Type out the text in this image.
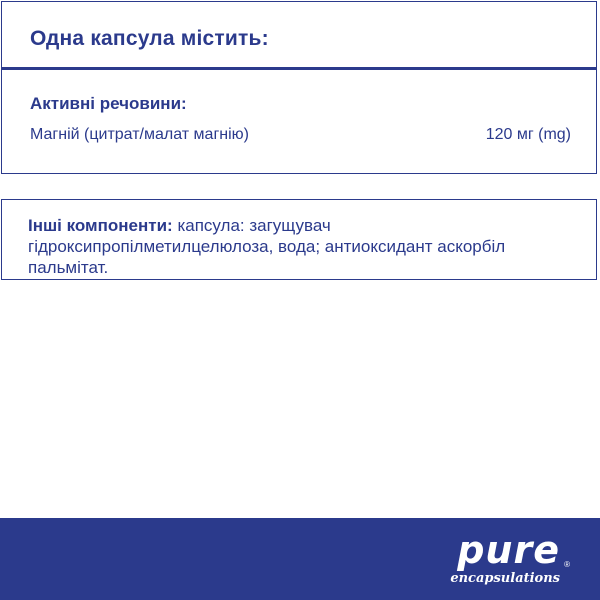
Одна капсула містить:
Активні речовини:
Магній (цитрат/малат магнію)	120 мг (mg)

Інші компоненти: капсула: загущувач гідроксипропілметилцелюлоза, вода; антиоксидант аскорбіл пальмітат.

pure
encapsulations
®
